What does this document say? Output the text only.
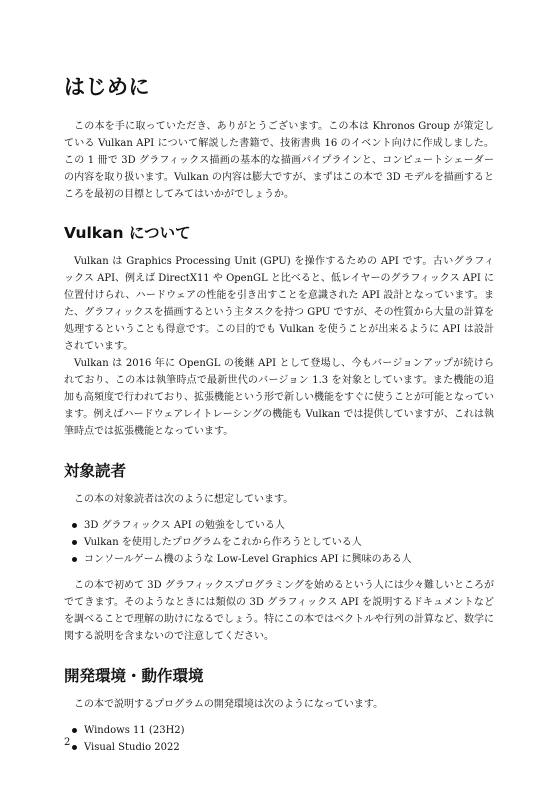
はじめに

この本を手に取っていただき、ありがとうございます。この本は Khronos Group が策定している Vulkan API について解説した書籍で、技術書典 16 のイベント向けに作成しました。この 1 冊で 3D グラフィックス描画の基本的な描画パイプラインと、コンピュートシェーダーの内容を取り扱います。Vulkan の内容は膨大ですが、まずはこの本で 3D モデルを描画するところを最初の目標としてみてはいかがでしょうか。

Vulkan について

Vulkan は Graphics Processing Unit (GPU) を操作するための API です。古いグラフィックス API、例えば DirectX11 や OpenGL と比べると、低レイヤーのグラフィックス API に位置付けられ、ハードウェアの性能を引き出すことを意識された API 設計となっています。また、グラフィックスを描画するという主タスクを持つ GPU ですが、その性質から大量の計算を処理するということも得意です。この目的でも Vulkan を使うことが出来るように API は設計されています。

Vulkan は 2016 年に OpenGL の後継 API として登場し、今もバージョンアップが続けられており、この本は執筆時点で最新世代のバージョン 1.3 を対象としています。また機能の追加も高頻度で行われており、拡張機能という形で新しい機能をすぐに使うことが可能となっています。例えばハードウェアレイトレーシングの機能も Vulkan では提供していますが、これは執筆時点では拡張機能となっています。

対象読者

この本の対象読者は次のように想定しています。

3D グラフィックス API の勉強をしている人
Vulkan を使用したプログラムをこれから作ろうとしている人
コンソールゲーム機のような Low-Level Graphics API に興味のある人

この本で初めて 3D グラフィックスプログラミングを始めるという人には少々難しいところがでてきます。そのようなときには類似の 3D グラフィックス API を説明するドキュメントなどを調べることで理解の助けになるでしょう。特にこの本ではベクトルや行列の計算など、数学に関する説明を含まないので注意してください。

開発環境・動作環境

この本で説明するプログラムの開発環境は次のようになっています。

Windows 11 (23H2)
Visual Studio 2022
2
